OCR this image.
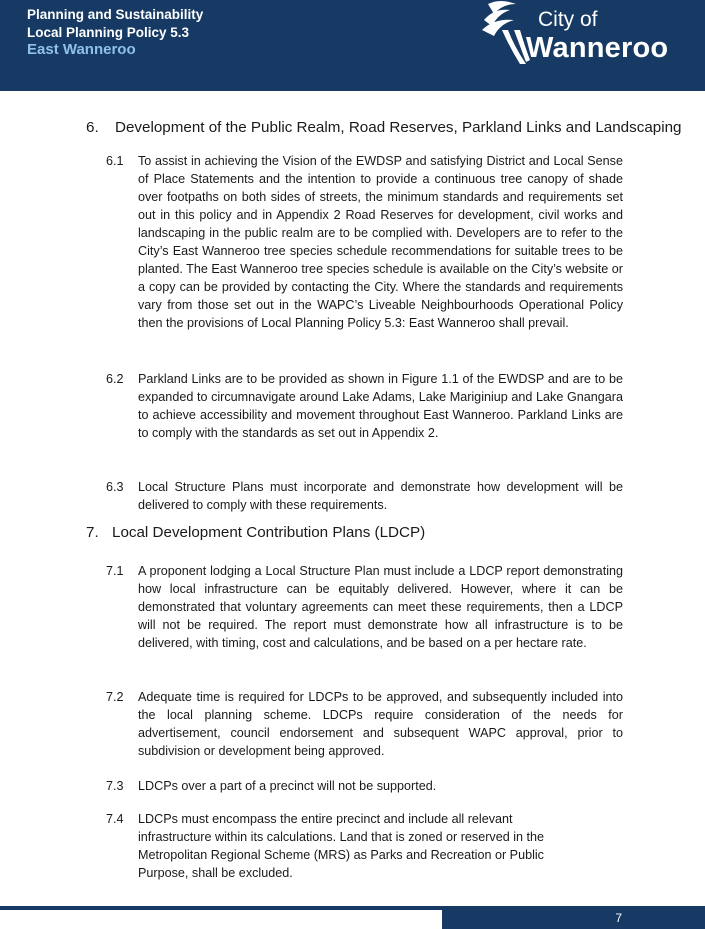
Planning and Sustainability
Local Planning Policy 5.3
East Wanneroo
City of
Wanneroo
6. Development of the Public Realm, Road Reserves, Parkland Links and Landscaping
6.1	To assist in achieving the Vision of the EWDSP and satisfying District and Local Sense of Place Statements and the intention to provide a continuous tree canopy of shade over footpaths on both sides of streets, the minimum standards and requirements set out in this policy and in Appendix 2 Road Reserves for development, civil works and landscaping in the public realm are to be complied with. Developers are to refer to the City’s East Wanneroo tree species schedule recommendations for suitable trees to be planted. The East Wanneroo tree species schedule is available on the City’s website or a copy can be provided by contacting the City. Where the standards and requirements vary from those set out in the WAPC’s Liveable Neighbourhoods Operational Policy then the provisions of Local Planning Policy 5.3: East Wanneroo shall prevail.
6.2	Parkland Links are to be provided as shown in Figure 1.1 of the EWDSP and are to be expanded to circumnavigate around Lake Adams, Lake Mariginiup and Lake Gnangara to achieve accessibility and movement throughout East Wanneroo. Parkland Links are to comply with the standards as set out in Appendix 2.
6.3	Local Structure Plans must incorporate and demonstrate how development will be delivered to comply with these requirements.
7. Local Development Contribution Plans (LDCP)
7.1	A proponent lodging a Local Structure Plan must include a LDCP report demonstrating how local infrastructure can be equitably delivered. However, where it can be demonstrated that voluntary agreements can meet these requirements, then a LDCP will not be required. The report must demonstrate how all infrastructure is to be delivered, with timing, cost and calculations, and be based on a per hectare rate.
7.2	Adequate time is required for LDCPs to be approved, and subsequently included into the local planning scheme. LDCPs require consideration of the needs for advertisement, council endorsement and subsequent WAPC approval, prior to subdivision or development being approved.
7.3	LDCPs over a part of a precinct will not be supported.
7.4	LDCPs must encompass the entire precinct and include all relevant infrastructure within its calculations. Land that is zoned or reserved in the Metropolitan Regional Scheme (MRS) as Parks and Recreation or Public Purpose, shall be excluded.
7
